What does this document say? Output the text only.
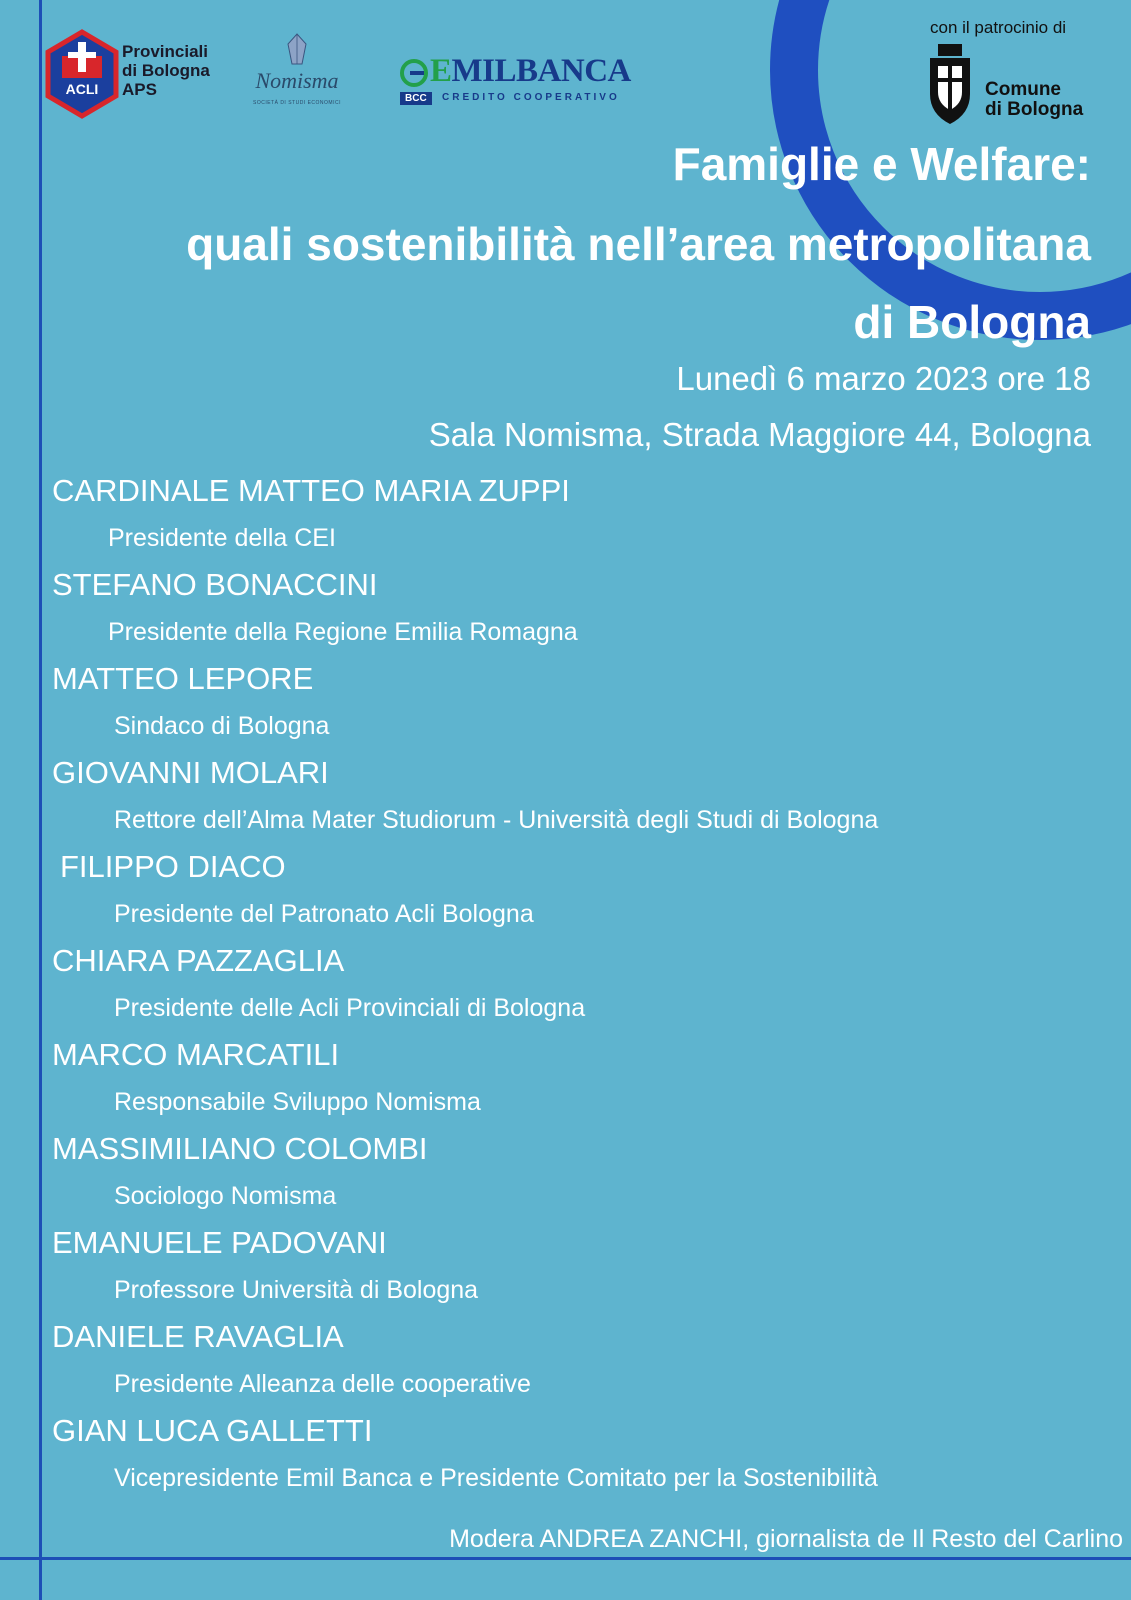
ACLI
Provinciali
di Bologna
APS	Nomisma
SOCIETÀ DI STUDI ECONOMICI
EMILBANCA
BCC	CREDITO COOPERATIVO
con il patrocinio di
Comune
di Bologna
Famiglie e Welfare:
quali sostenibilità nell’area metropolitana
di Bologna
Lunedì 6 marzo 2023 ore 18
Sala Nomisma, Strada Maggiore 44, Bologna
CARDINALE MATTEO MARIA ZUPPI
Presidente della CEI
STEFANO BONACCINI
Presidente della Regione Emilia Romagna
MATTEO LEPORE
Sindaco di Bologna
GIOVANNI MOLARI
Rettore dell’Alma Mater Studiorum - Università degli Studi di Bologna
FILIPPO DIACO
Presidente del Patronato Acli Bologna
CHIARA PAZZAGLIA
Presidente delle Acli Provinciali di Bologna
MARCO MARCATILI
Responsabile Sviluppo Nomisma
MASSIMILIANO COLOMBI
Sociologo Nomisma
EMANUELE PADOVANI
Professore Università di Bologna
DANIELE RAVAGLIA
Presidente Alleanza delle cooperative
GIAN LUCA GALLETTI
Vicepresidente Emil Banca e Presidente Comitato per la Sostenibilità
Modera ANDREA ZANCHI, giornalista de Il Resto del Carlino
